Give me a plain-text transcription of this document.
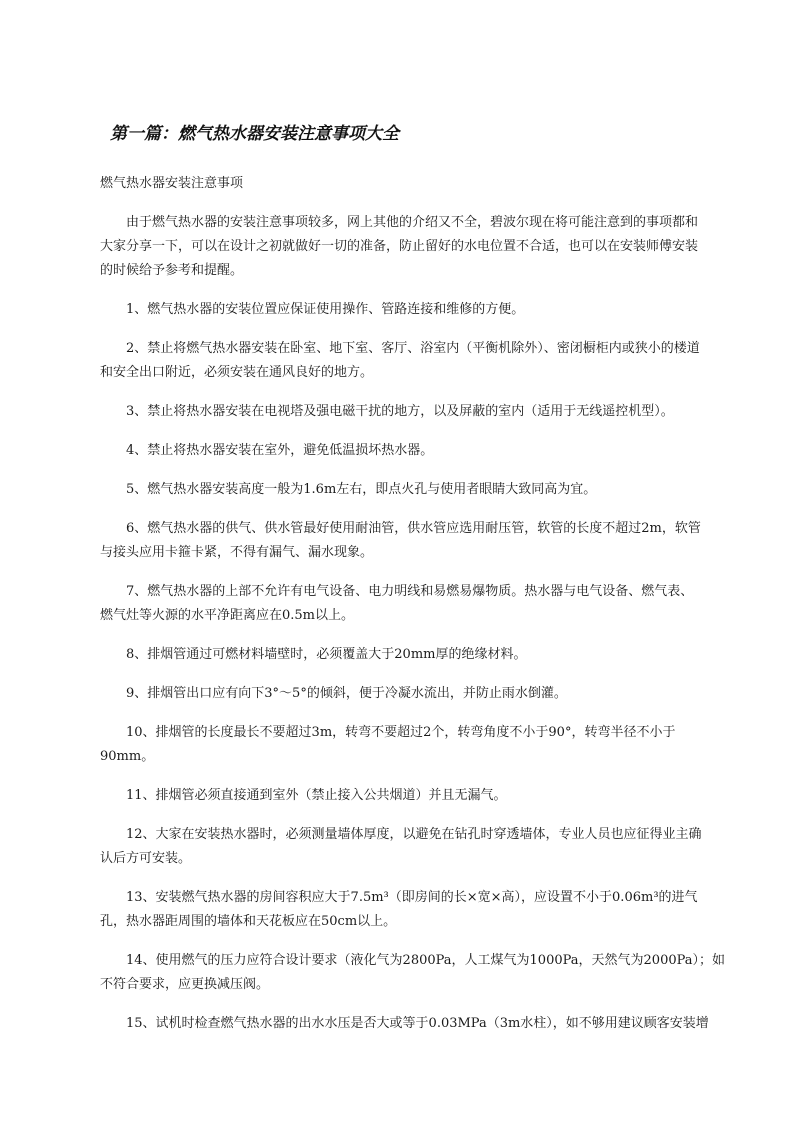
第一篇：燃气热水器安装注意事项大全

燃气热水器安装注意事项

由于燃气热水器的安装注意事项较多，网上其他的介绍又不全，碧波尔现在将可能注意到的事项都和
大家分享一下，可以在设计之初就做好一切的准备，防止留好的水电位置不合适，也可以在安装师傅安装
的时候给予参考和提醒。

1、燃气热水器的安装位置应保证使用操作、管路连接和维修的方便。

2、禁止将燃气热水器安装在卧室、地下室、客厅、浴室内（平衡机除外）、密闭橱柜内或狭小的楼道
和安全出口附近，必须安装在通风良好的地方。

3、禁止将热水器安装在电视塔及强电磁干扰的地方，以及屏蔽的室内（适用于无线遥控机型）。

4、禁止将热水器安装在室外，避免低温损坏热水器。

5、燃气热水器安装高度一般为1.6m左右，即点火孔与使用者眼睛大致同高为宜。

6、燃气热水器的供气、供水管最好使用耐油管，供水管应选用耐压管，软管的长度不超过2m，软管
与接头应用卡箍卡紧，不得有漏气、漏水现象。

7、燃气热水器的上部不允许有电气设备、电力明线和易燃易爆物质。热水器与电气设备、燃气表、
燃气灶等火源的水平净距离应在0.5m以上。

8、排烟管通过可燃材料墙壁时，必须覆盖大于20mm厚的绝缘材料。

9、排烟管出口应有向下3°～5°的倾斜，便于冷凝水流出，并防止雨水倒灌。

10、排烟管的长度最长不要超过3m，转弯不要超过2个，转弯角度不小于90°，转弯半径不小于
90mm。

11、排烟管必须直接通到室外（禁止接入公共烟道）并且无漏气。

12、大家在安装热水器时，必须测量墙体厚度，以避免在钻孔时穿透墙体，专业人员也应征得业主确
认后方可安装。

13、安装燃气热水器的房间容积应大于7.5m³（即房间的长×宽×高），应设置不小于0.06m³的进气
孔，热水器距周围的墙体和天花板应在50cm以上。

14、使用燃气的压力应符合设计要求（液化气为2800Pa，人工煤气为1000Pa，天然气为2000Pa）；如
不符合要求，应更换减压阀。

15、试机时检查燃气热水器的出水水压是否大或等于0.03MPa（3m水柱），如不够用建议顾客安装增
